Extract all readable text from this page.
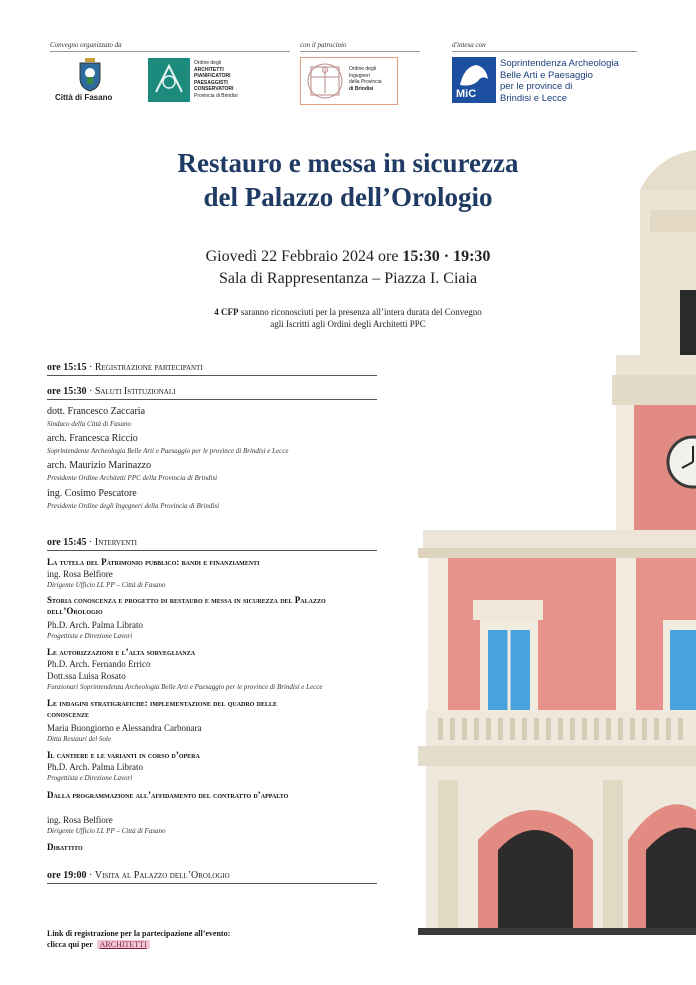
Convegno organizzato da	con il patrocinio	d'intesa con
Città di Fasano
Ordine degli
ARCHITETTI
PIANIFICATORI
PAESAGGISTI
CONSERVATORI
Provincia di Brindisi
Ordine degli
Ingegneri
della Provincia
di Brindisi	MiC
Soprintendenza Archeologia
Belle Arti e Paesaggio
per le province di
Brindisi e Lecce
Restauro e messa in sicurezza
del Palazzo dell’Orologio
Giovedì 22 Febbraio 2024 ore 15:30 · 19:30
Sala di Rappresentanza – Piazza I. Ciaia
4 CFP saranno riconosciuti per la presenza all’intera durata del Convegno
agli Iscritti agli Ordini degli Architetti PPC
ore 15:15 · Registrazione partecipanti
ore 15:30 · Saluti Istituzionali
dott. Francesco Zaccaria
Sindaco della Città di Fasano
arch. Francesca Riccio
Soprintendente Archeologia Belle Arti e Paesaggio per le province di Brindisi e Lecce
arch. Maurizio Marinazzo
Presidente Ordine Architetti PPC della Provincia di Brindisi
ing. Cosimo Pescatore
Presidente Ordine degli Ingegneri della Provincia di Brindisi
ore 15:45 · Interventi
La tutela del Patrimonio pubblico: bandi e finanziamenti
ing. Rosa Belfiore
Dirigente Ufficio LL PP – Città di Fasano
Storia conoscenza e progetto di restauro e messa in sicurezza del Palazzo dell’Orologio
Ph.D. Arch. Palma Librato
Progettista e Direzione Lavori
Le autorizzazioni e l’alta sorveglianza
Ph.D. Arch. Fernando Errico
Dott.ssa Luisa Rosato
Funzionari Soprintendenza Archeologia Belle Arti e Paesaggio per le province di Brindisi e Lecce
Le indagini stratigrafiche: implementazione del quadro delle conoscenze
Maria Buongiorno e Alessandra Carbonara
Ditta Restauri del Sole
Il cantiere e le varianti in corso d’opera
Ph.D. Arch. Palma Librato
Progettista e Direzione Lavori
Dalla programmazione all’affidamento del contratto d’appalto
ing. Rosa Belfiore
Dirigente Ufficio LL PP – Città di Fasano
Dibattito
ore 19:00 · Visita al Palazzo dell’Orologio
Link di registrazione per la partecipazione all’evento:
clicca qui per ARCHITETTI
